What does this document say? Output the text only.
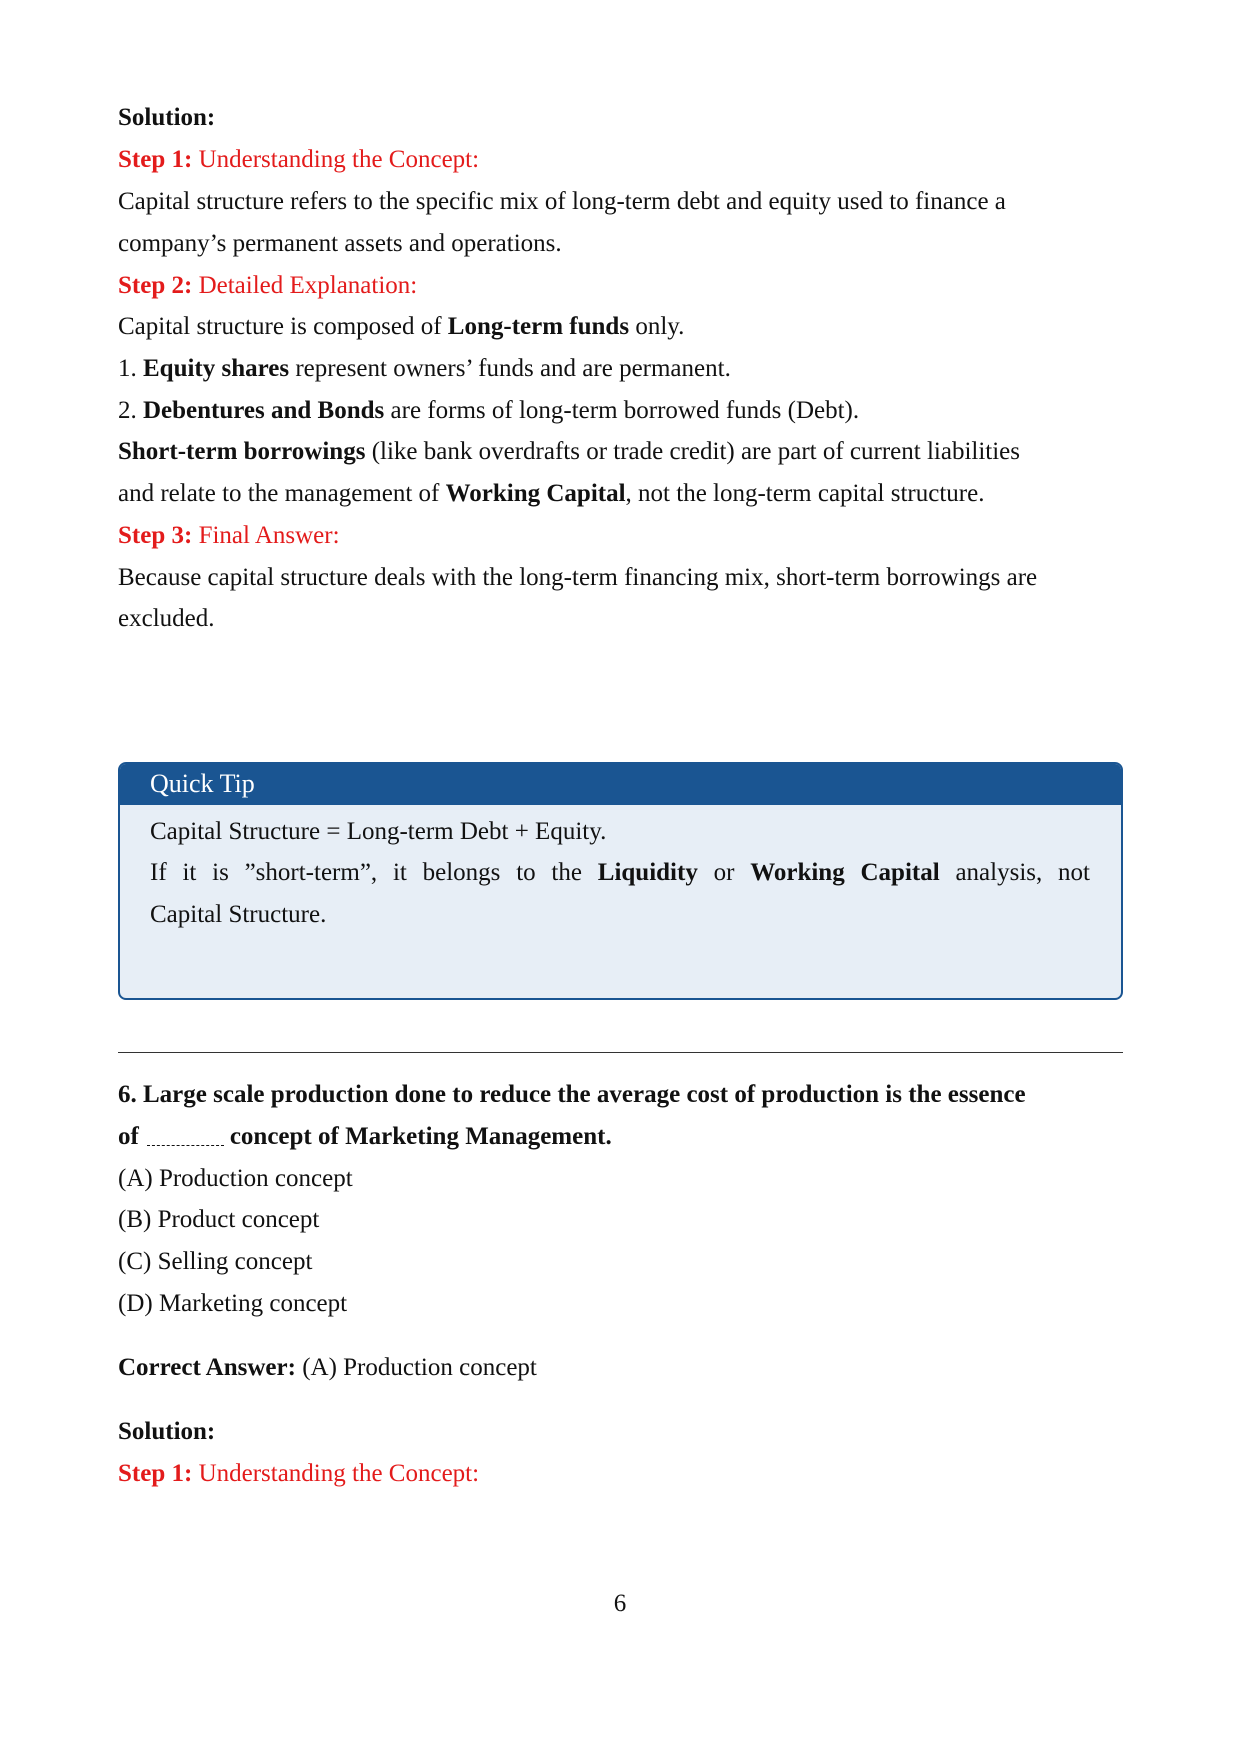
Solution:
Step 1: Understanding the Concept:
Capital structure refers to the specific mix of long-term debt and equity used to finance a
company’s permanent assets and operations.
Step 2: Detailed Explanation:
Capital structure is composed of Long-term funds only.
1. Equity shares represent owners’ funds and are permanent.
2. Debentures and Bonds are forms of long-term borrowed funds (Debt).
Short-term borrowings (like bank overdrafts or trade credit) are part of current liabilities
and relate to the management of Working Capital, not the long-term capital structure.
Step 3: Final Answer:
Because capital structure deals with the long-term financing mix, short-term borrowings are
excluded.
Quick Tip
Capital Structure = Long-term Debt + Equity.
If it is ”short-term”, it belongs to the Liquidity or Working Capital analysis, not
Capital Structure.
6. Large scale production done to reduce the average cost of production is the essence
of	concept of Marketing Management.
(A) Production concept
(B) Product concept
(C) Selling concept
(D) Marketing concept
Correct Answer: (A) Production concept
Solution:
Step 1: Understanding the Concept:
6
